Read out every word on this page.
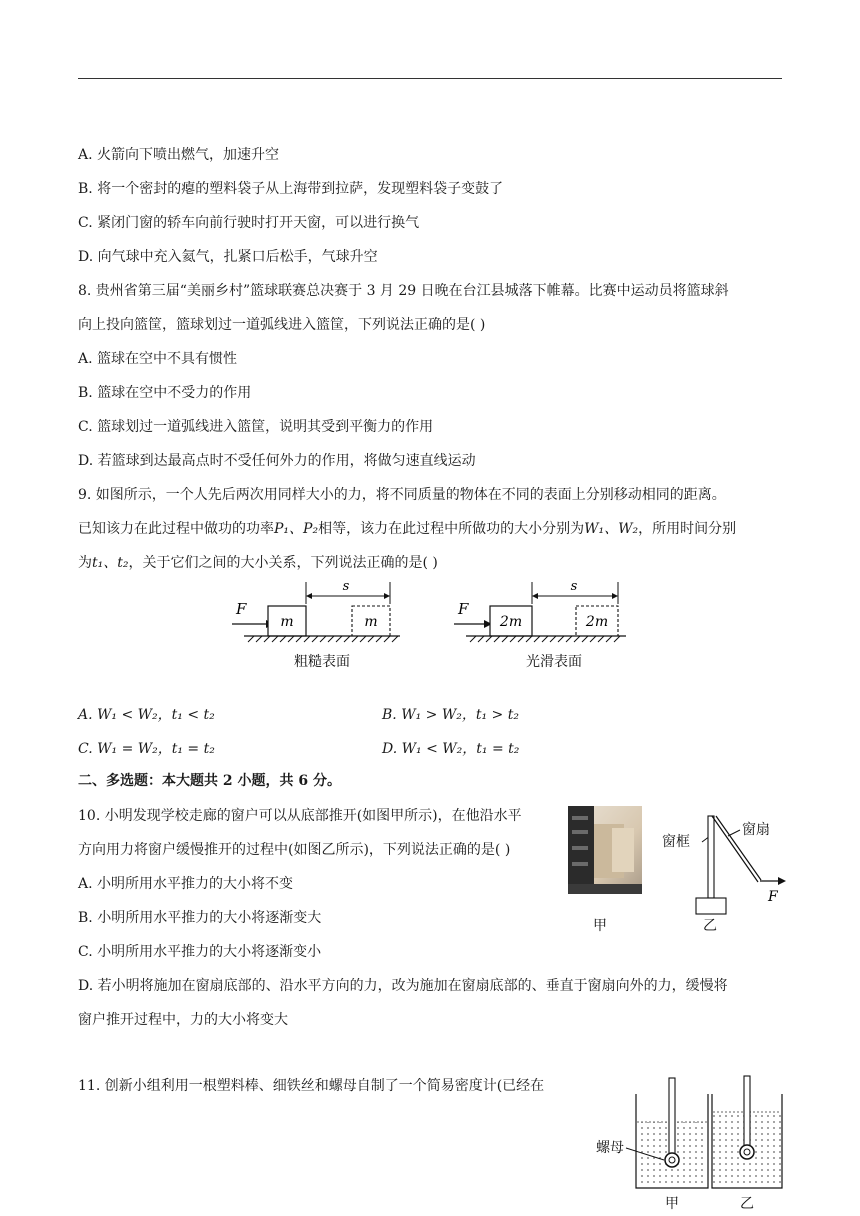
A. 火箭向下喷出燃气，加速升空
B. 将一个密封的瘪的塑料袋子从上海带到拉萨，发现塑料袋子变鼓了
C. 紧闭门窗的轿车向前行驶时打开天窗，可以进行换气
D. 向气球中充入氦气，扎紧口后松手，气球升空
8. 贵州省第三届“美丽乡村”篮球联赛总决赛于 3 月 29 日晚在台江县城落下帷幕。比赛中运动员将篮球斜
向上投向篮筐，篮球划过一道弧线进入篮筐，下列说法正确的是( )
A. 篮球在空中不具有惯性
B. 篮球在空中不受力的作用
C. 篮球划过一道弧线进入篮筐，说明其受到平衡力的作用
D. 若篮球到达最高点时不受任何外力的作用，将做匀速直线运动
9. 如图所示，一个人先后两次用同样大小的力，将不同质量的物体在不同的表面上分别移动相同的距离。
已知该力在此过程中做功的功率P₁、P₂相等，该力在此过程中所做功的大小分别为W₁、W₂，所用时间分别
为t₁、t₂，关于它们之间的大小关系，下列说法正确的是( )
F
m	m
s
粗糙表面
F
2m	2m
s
光滑表面
A. W₁ < W₂，t₁ < t₂	B. W₁ > W₂，t₁ > t₂
C. W₁ = W₂，t₁ = t₂	D. W₁ < W₂，t₁ = t₂
二、多选题：本大题共 2 小题，共 6 分。
10. 小明发现学校走廊的窗户可以从底部推开(如图甲所示)，在他沿水平
方向用力将窗户缓慢推开的过程中(如图乙所示)，下列说法正确的是( )
A. 小明所用水平推力的大小将不变
B. 小明所用水平推力的大小将逐渐变大
C. 小明所用水平推力的大小将逐渐变小
D. 若小明将施加在窗扇底部的、沿水平方向的力，改为施加在窗扇底部的、垂直于窗扇向外的力，缓慢将
窗户推开过程中，力的大小将变大
甲
窗框
窗扇
F
乙
11. 创新小组利用一根塑料棒、细铁丝和螺母自制了一个简易密度计(已经在
螺母
甲	乙
